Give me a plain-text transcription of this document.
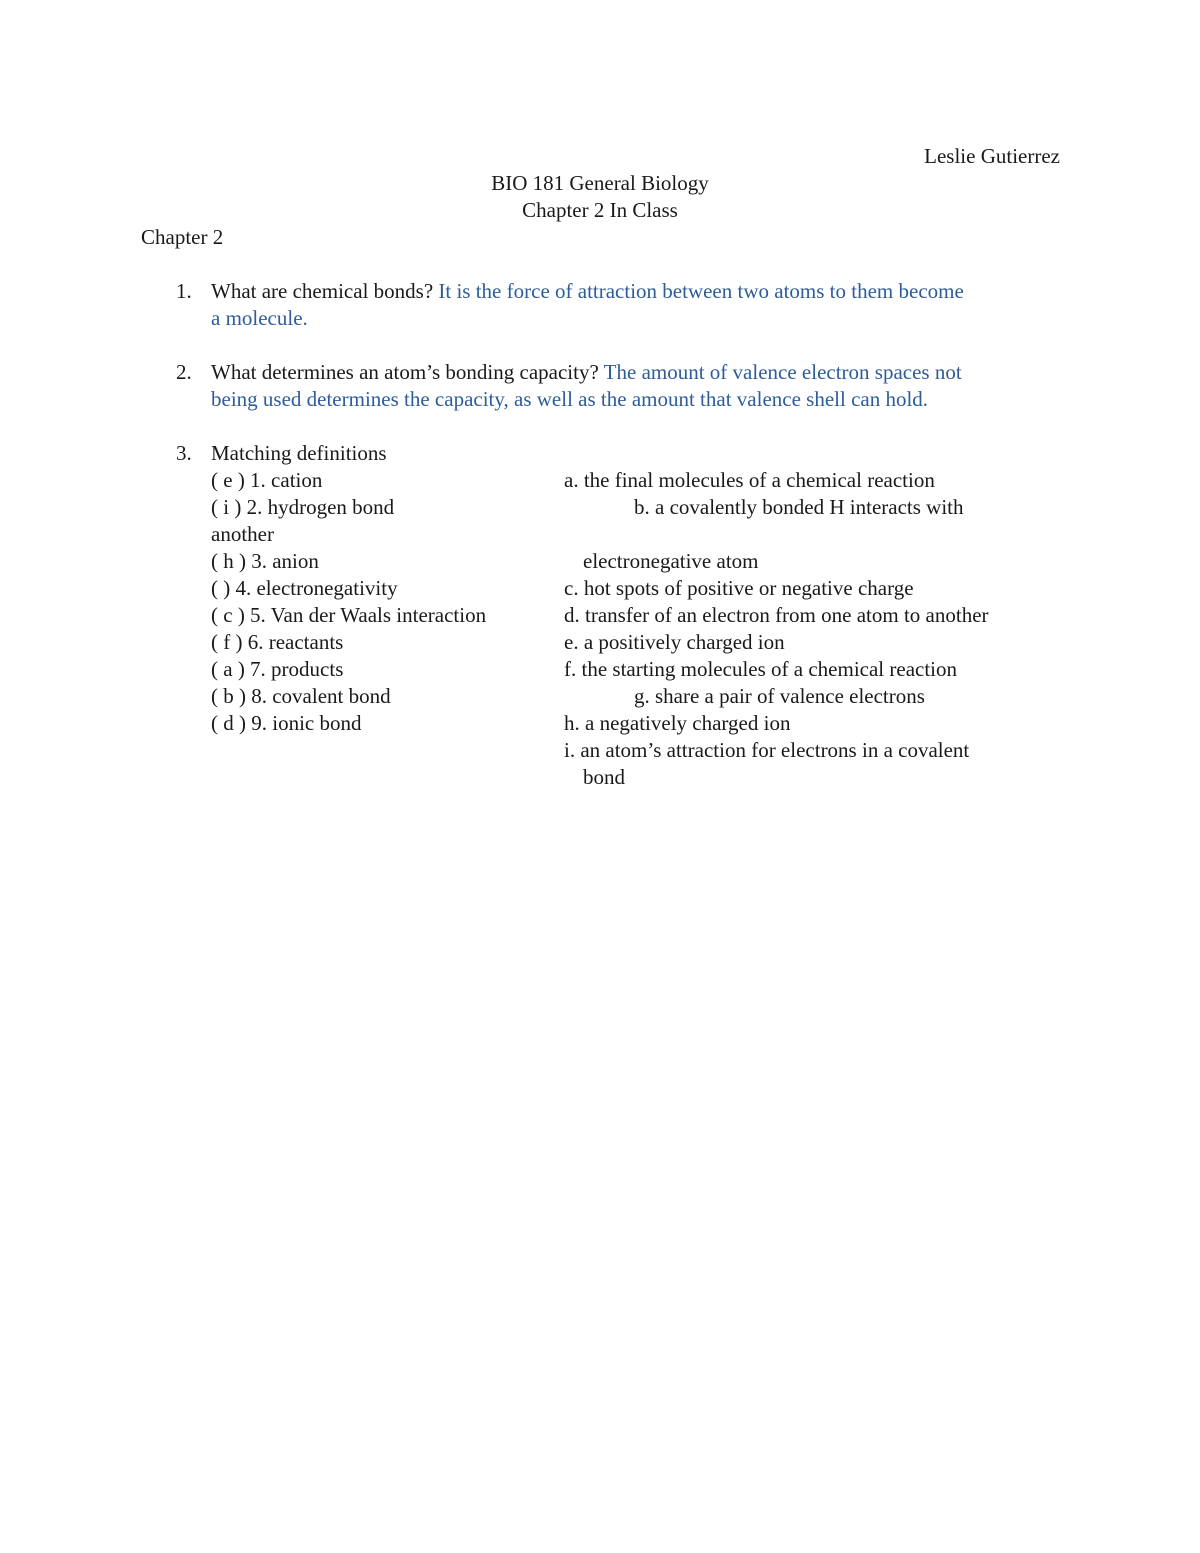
Leslie Gutierrez
BIO 181 General Biology
Chapter 2 In Class
Chapter 2
1. What are chemical bonds? It is the force of attraction between two atoms to them become
a molecule.
2. What determines an atom’s bonding capacity? The amount of valence electron spaces not
being used determines the capacity, as well as the amount that valence shell can hold.
3. Matching definitions
( e ) 1. cation
( i ) 2. hydrogen bond
another
( h ) 3. anion
( ) 4. electronegativity
( c ) 5. Van der Waals interaction
( f ) 6. reactants
( a ) 7. products
( b ) 8. covalent bond
( d ) 9. ionic bond
a. the final molecules of a chemical reaction
b. a covalently bonded H interacts with
electronegative atom
c. hot spots of positive or negative charge
d. transfer of an electron from one atom to another
e. a positively charged ion
f. the starting molecules of a chemical reaction
g. share a pair of valence electrons
h. a negatively charged ion
i. an atom’s attraction for electrons in a covalent
bond
